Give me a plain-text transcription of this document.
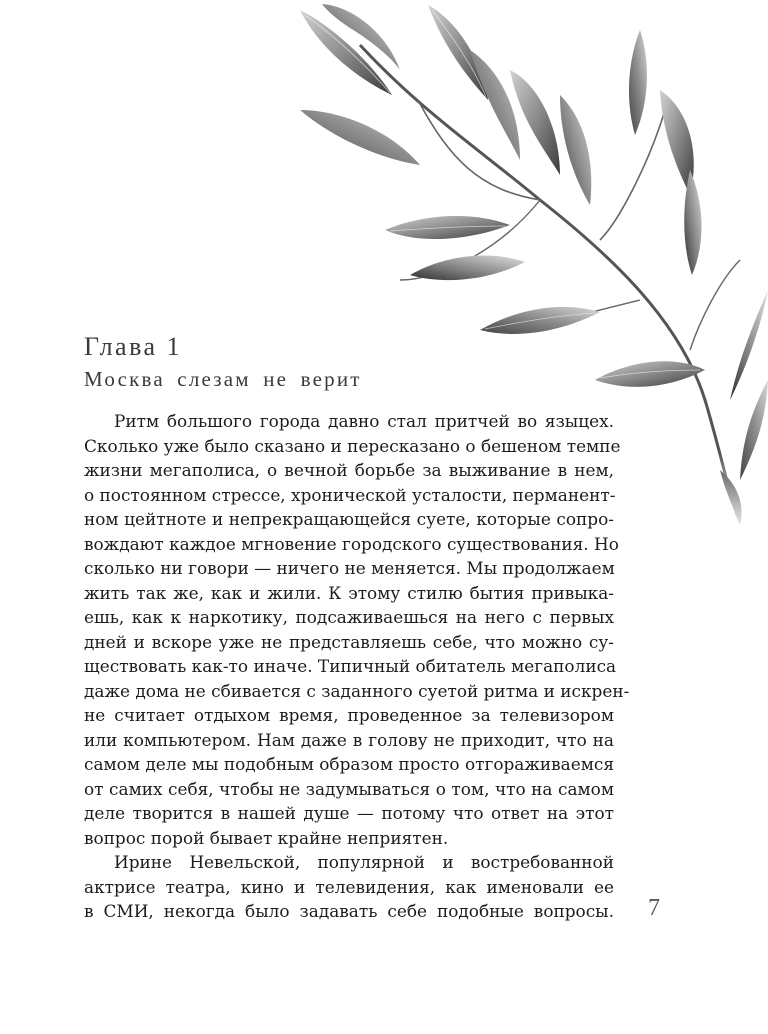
Глава 1
Москва слезам не верит
Ритм большого города давно стал притчей во языцех.
Сколько уже было сказано и пересказано о бешеном темпе
жизни мегаполиса, о вечной борьбе за выживание в нем,
о постоянном стрессе, хронической усталости, перманент-
ном цейтноте и непрекращающейся суете, которые сопро-
вождают каждое мгновение городского существования. Но
сколько ни говори — ничего не меняется. Мы продолжаем
жить так же, как и жили. К этому стилю бытия привыка-
ешь, как к наркотику, подсаживаешься на него с первых
дней и вскоре уже не представляешь себе, что можно су-
ществовать как-то иначе. Типичный обитатель мегаполиса
даже дома не сбивается с заданного суетой ритма и искрен-
не считает отдыхом время, проведенное за телевизором
или компьютером. Нам даже в голову не приходит, что на
самом деле мы подобным образом просто отгораживаемся
от самих себя, чтобы не задумываться о том, что на самом
деле творится в нашей душе — потому что ответ на этот
вопрос порой бывает крайне неприятен.
Ирине Невельской, популярной и востребованной
актрисе театра, кино и телевидения, как именовали ее
в СМИ, некогда было задавать себе подобные вопросы. 7
